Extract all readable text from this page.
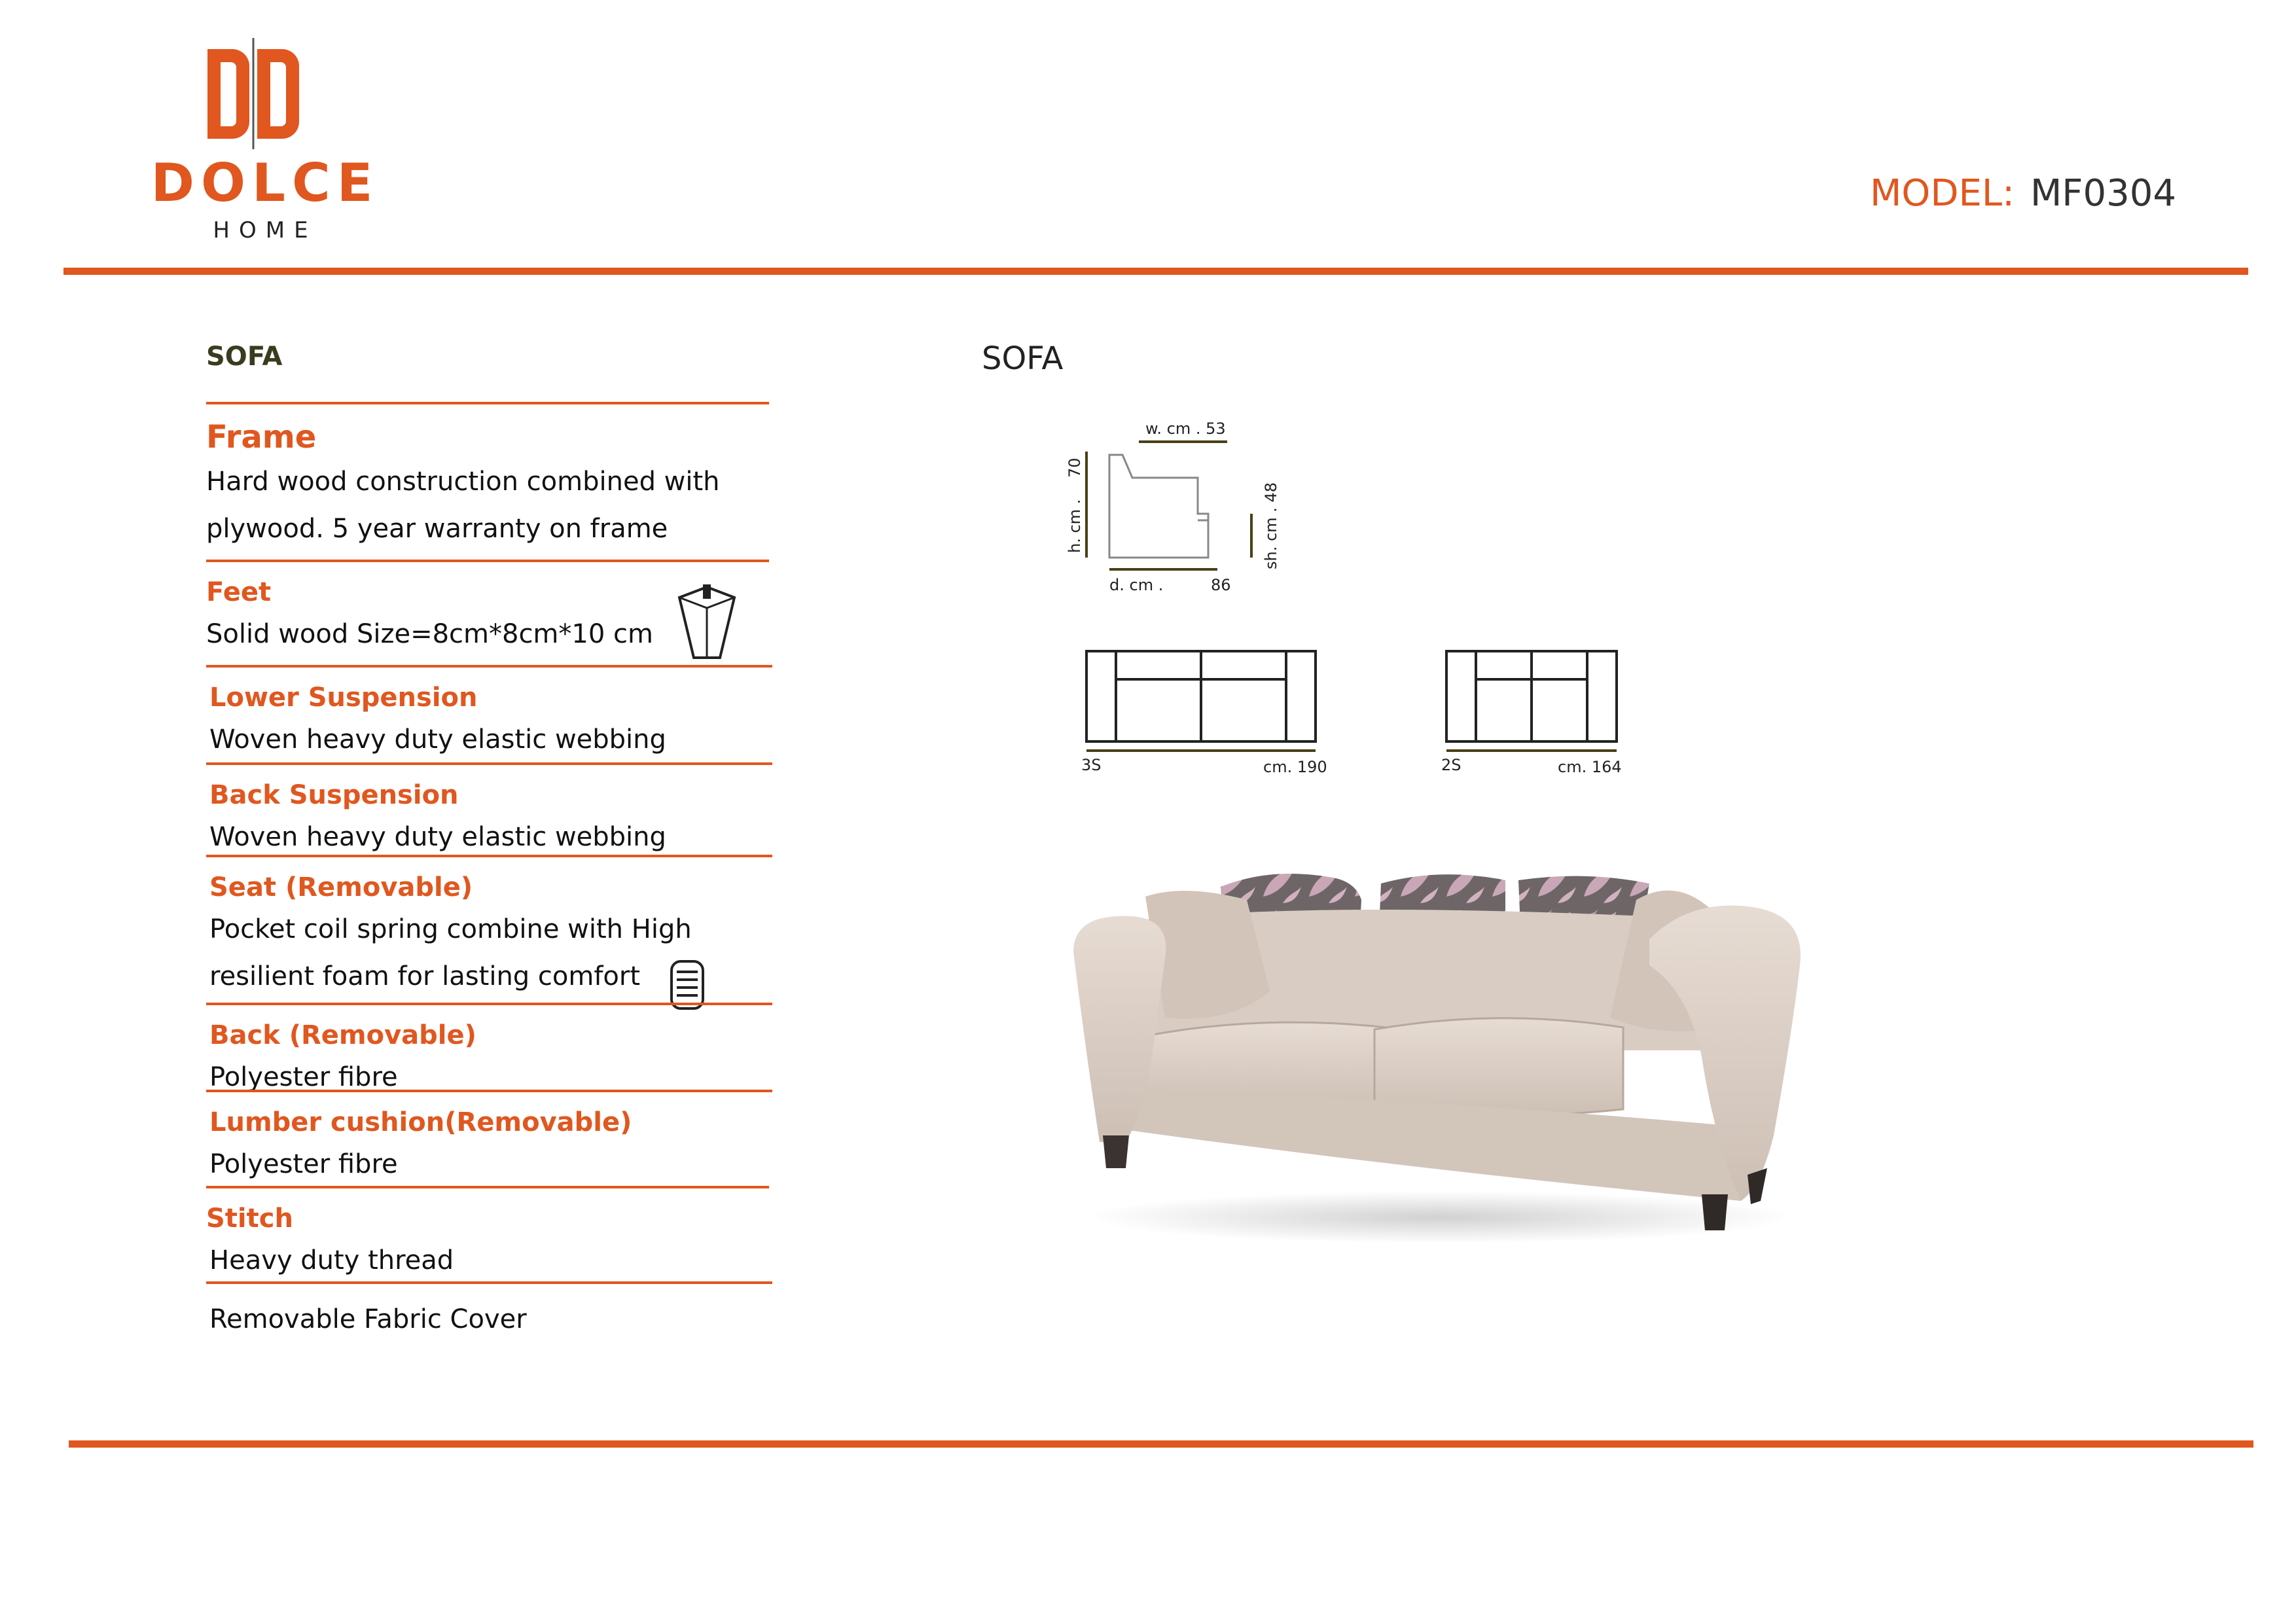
DOLCE
HOME
MODEL: MF0304
SOFA
Frame
Hard wood construction combined with
plywood. 5 year warranty on frame
Feet
Solid wood Size=8cm*8cm*10 cm
Lower Suspension
Woven heavy duty elastic webbing
Back Suspension
Woven heavy duty elastic webbing
Seat (Removable)
Pocket coil spring combine with High
resilient foam for lasting comfort
Back (Removable)
Polyester fibre
Lumber cushion(Removable)
Polyester fibre
Stitch
Heavy duty thread
Removable Fabric Cover
SOFA
w. cm . 53
h. cm .
70
sh. cm . 48
d. cm .	86
3S	cm. 190	2S	cm. 164
